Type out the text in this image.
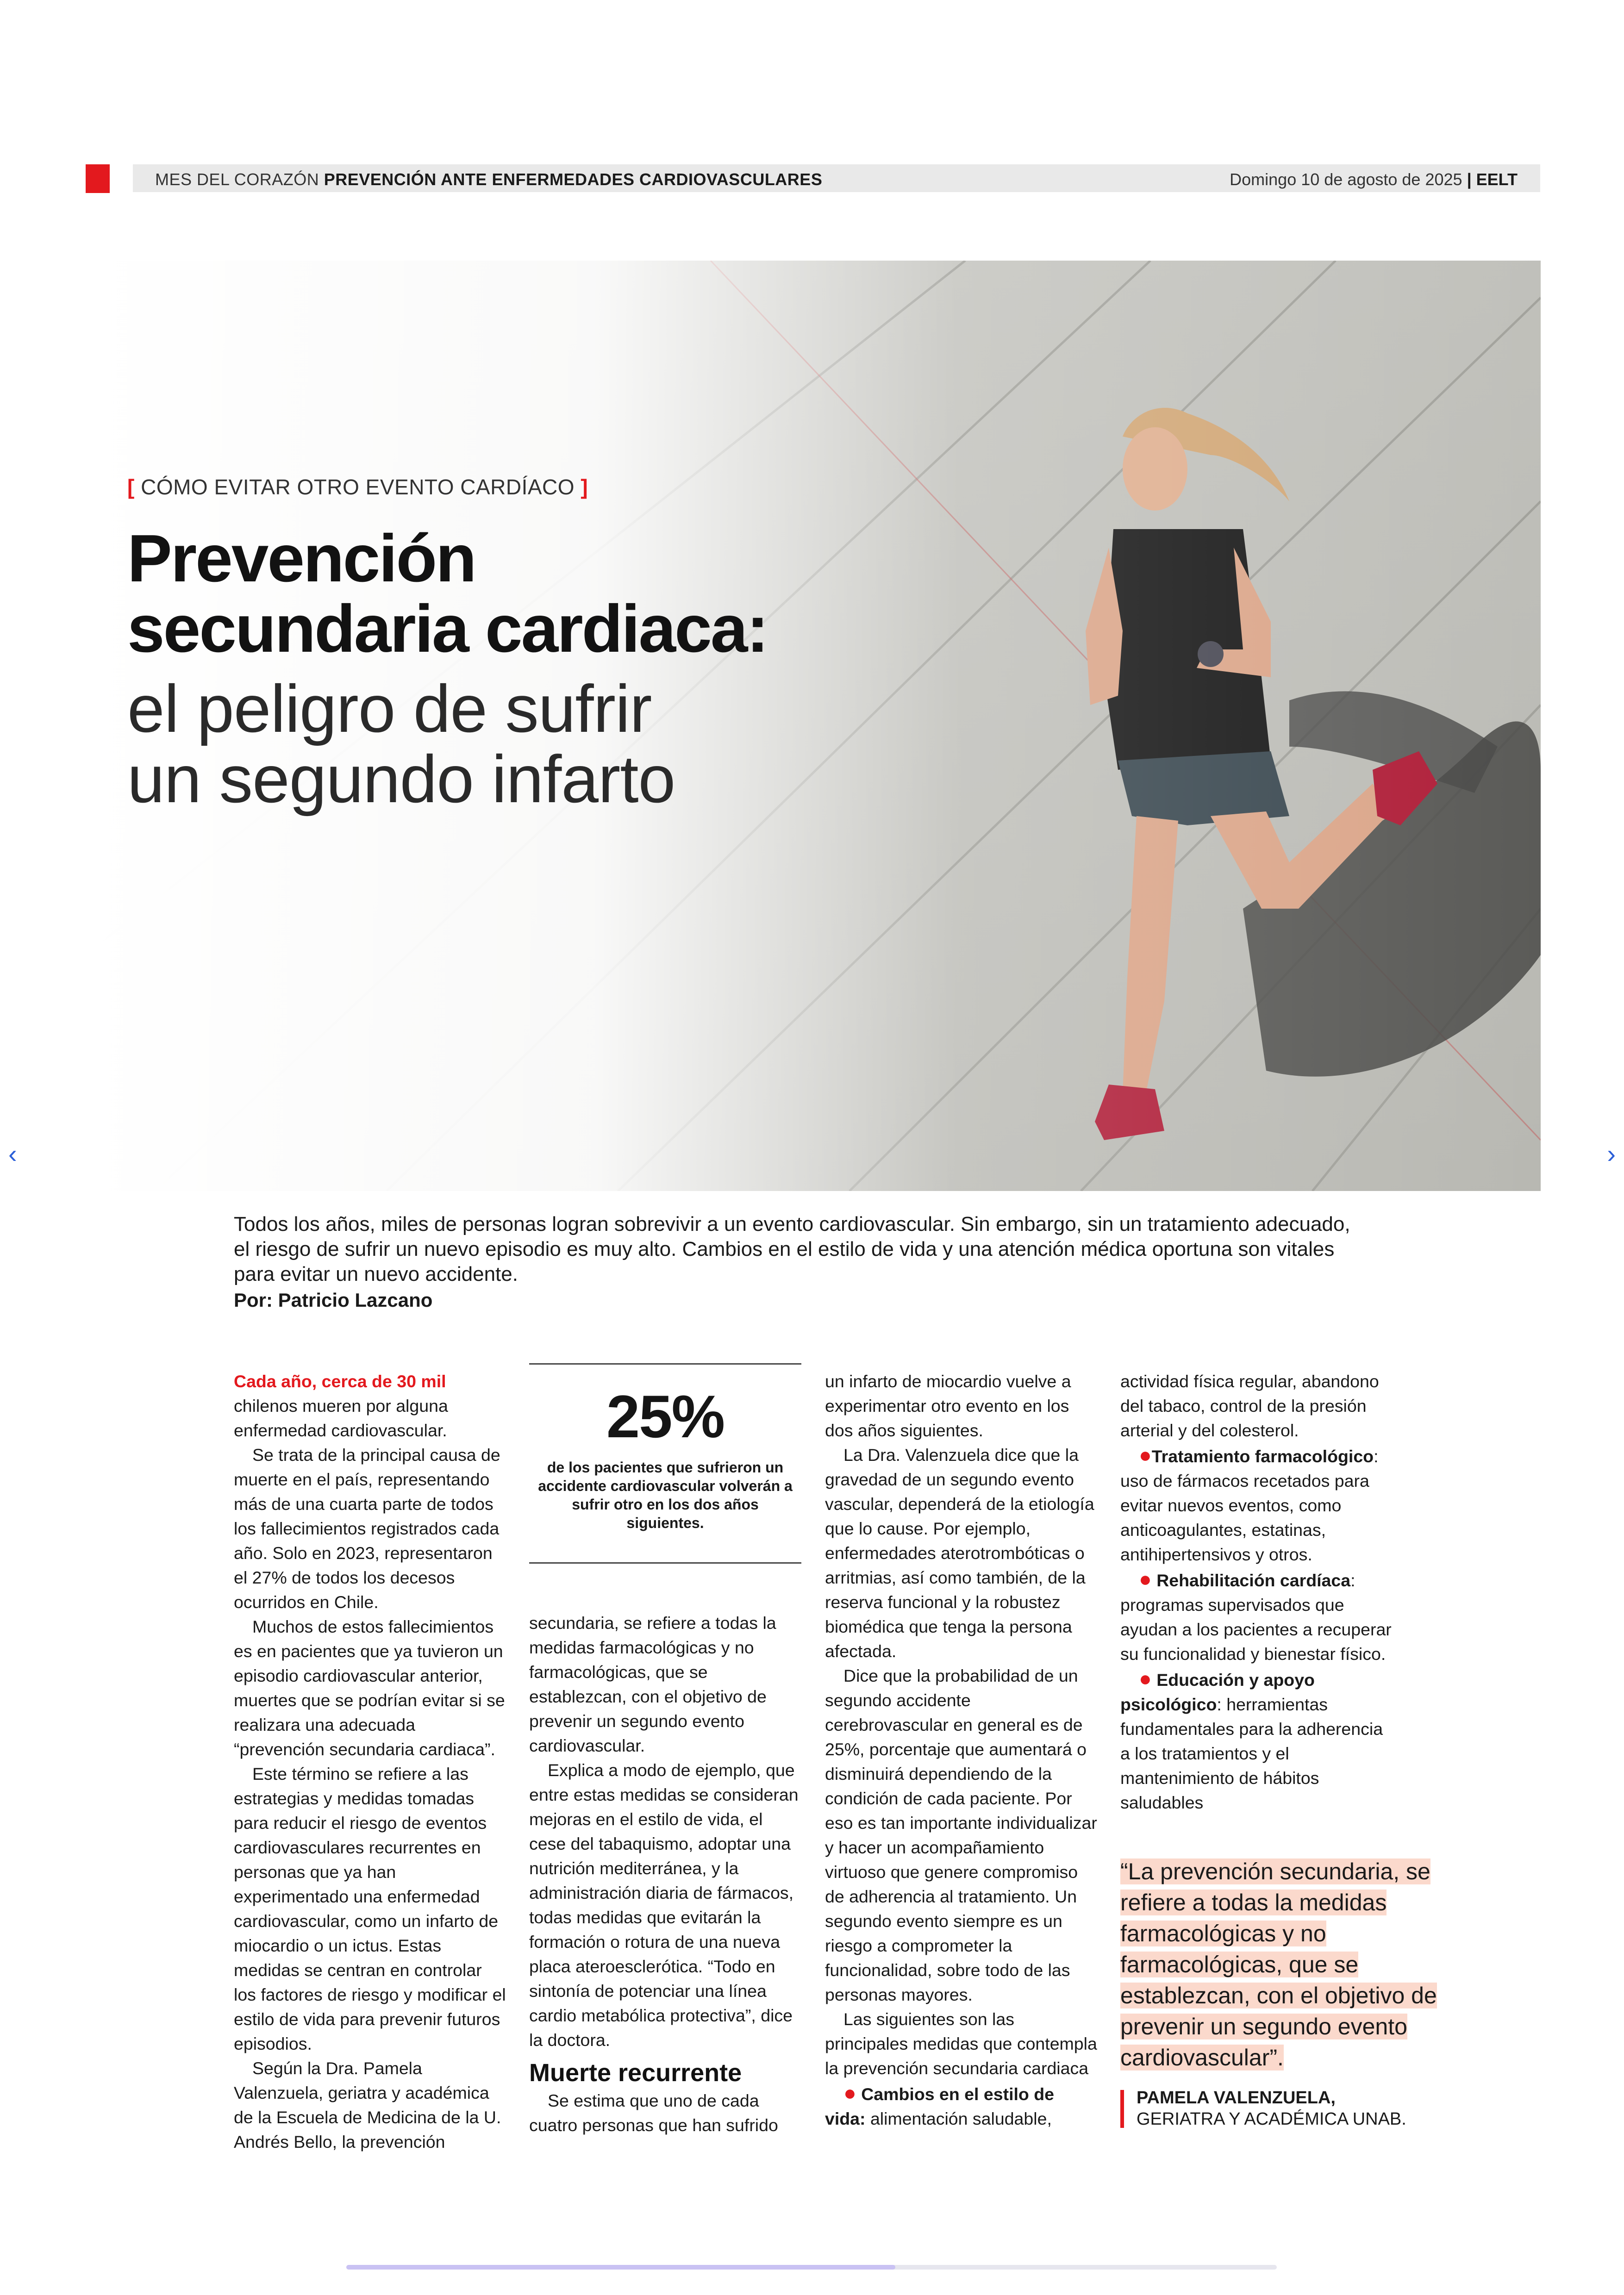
MES DEL CORAZÓN PREVENCIÓN ANTE ENFERMEDADES CARDIOVASCULARES	Domingo 10 de agosto de 2025 | EELT
[ CÓMO EVITAR OTRO EVENTO CARDÍACO ]
Prevención
secundaria cardiaca:
el peligro de sufrir
un segundo infarto
‹	›
Todos los años, miles de personas logran sobrevivir a un evento cardiovascular. Sin embargo, sin un tratamiento adecuado, el riesgo de sufrir un nuevo episodio es muy alto. Cambios en el estilo de vida y una atención médica oportuna son vitales para evitar un nuevo accidente.
Por: Patricio Lazcano

Cada año, cerca de 30 mil chilenos mueren por alguna enfermedad cardiovascular.

Se trata de la principal causa de muerte en el país, representando más de una cuarta parte de todos los fallecimientos registrados cada año. Solo en 2023, representaron el 27% de todos los decesos ocurridos en Chile.

Muchos de estos fallecimientos es en pacientes que ya tuvieron un episodio cardiovascular anterior, muertes que se podrían evitar si se realizara una adecuada “prevención secundaria cardiaca”.

Este término se refiere a las estrategias y medidas tomadas para reducir el riesgo de eventos cardiovasculares recurrentes en personas que ya han experimentado una enfermedad cardiovascular, como un infarto de miocardio o un ictus. Estas medidas se centran en controlar los factores de riesgo y modificar el estilo de vida para prevenir futuros episodios.

Según la Dra. Pamela Valenzuela, geriatra y académica de la Escuela de Medicina de la U. Andrés Bello, la prevención

25%
de los pacientes que sufrieron un accidente cardiovascular volverán a sufrir otro en los dos años siguientes.

secundaria, se refiere a todas la medidas farmacológicas y no farmacológicas, que se establezcan, con el objetivo de prevenir un segundo evento cardiovascular.

Explica a modo de ejemplo, que entre estas medidas se consideran mejoras en el estilo de vida, el cese del tabaquismo, adoptar una nutrición mediterránea, y la administración diaria de fármacos, todas medidas que evitarán la formación o rotura de una nueva placa ateroesclerótica. “Todo en sintonía de potenciar una línea cardio metabólica protectiva”, dice la doctora.

Muerte recurrente

Se estima que uno de cada cuatro personas que han sufrido

un infarto de miocardio vuelve a experimentar otro evento en los dos años siguientes.

La Dra. Valenzuela dice que la gravedad de un segundo evento vascular, dependerá de la etiología que lo cause. Por ejemplo, enfermedades aterotrombóticas o arritmias, así como también, de la reserva funcional y la robustez biomédica que tenga la persona afectada.

Dice que la probabilidad de un segundo accidente cerebrovascular en general es de 25%, porcentaje que aumentará o disminuirá dependiendo de la condición de cada paciente. Por eso es tan importante individualizar y hacer un acompañamiento virtuoso que genere compromiso de adherencia al tratamiento. Un segundo evento siempre es un riesgo a comprometer la funcionalidad, sobre todo de las personas mayores.

Las siguientes son las principales medidas que contempla la prevención secundaria cardiaca

● Cambios en el estilo de vida: alimentación saludable,

actividad física regular, abandono del tabaco, control de la presión arterial y del colesterol.

●Tratamiento farmacológico: uso de fármacos recetados para evitar nuevos eventos, como anticoagulantes, estatinas, antihipertensivos y otros.

● Rehabilitación cardíaca: programas supervisados que ayudan a los pacientes a recuperar su funcionalidad y bienestar físico.

● Educación y apoyo psicológico: herramientas fundamentales para la adherencia a los tratamientos y el mantenimiento de hábitos saludables

“La prevención secundaria, se refiere a todas la medidas farmacológicas y no farmacológicas, que se establezcan, con el objetivo de prevenir un segundo evento cardiovascular”.
PAMELA VALENZUELA,
GERIATRA Y ACADÉMICA UNAB.
